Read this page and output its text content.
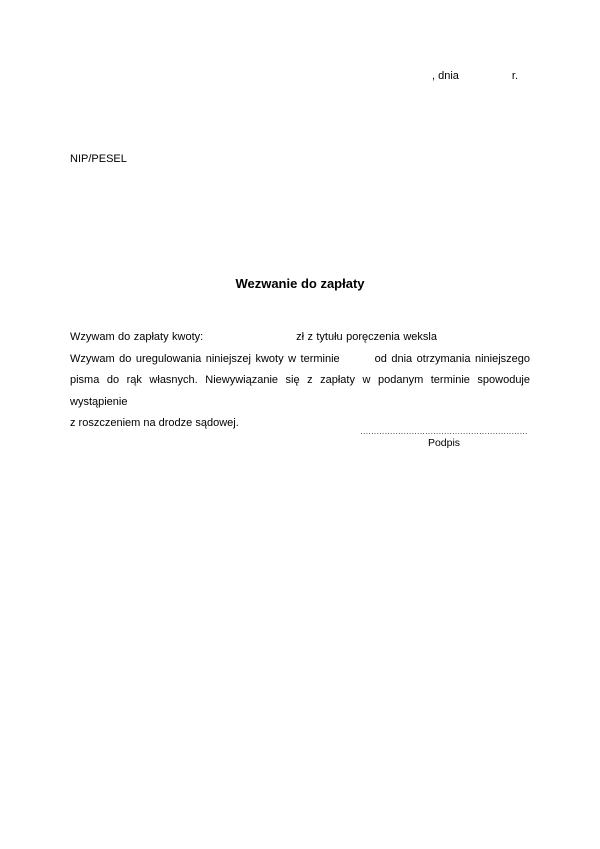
, dnia	r.
NIP/PESEL
Wezwanie do zapłaty
Wzywam do zapłaty kwoty:	zł z tytułu poręczenia weksla
Wzywam do uregulowania niniejszej kwoty w terminie	od dnia otrzymania niniejszego
pisma do rąk własnych. Niewywiązanie się z zapłaty w podanym terminie spowoduje wystąpienie
z roszczeniem na drodze sądowej.
..............................................................
Podpis
